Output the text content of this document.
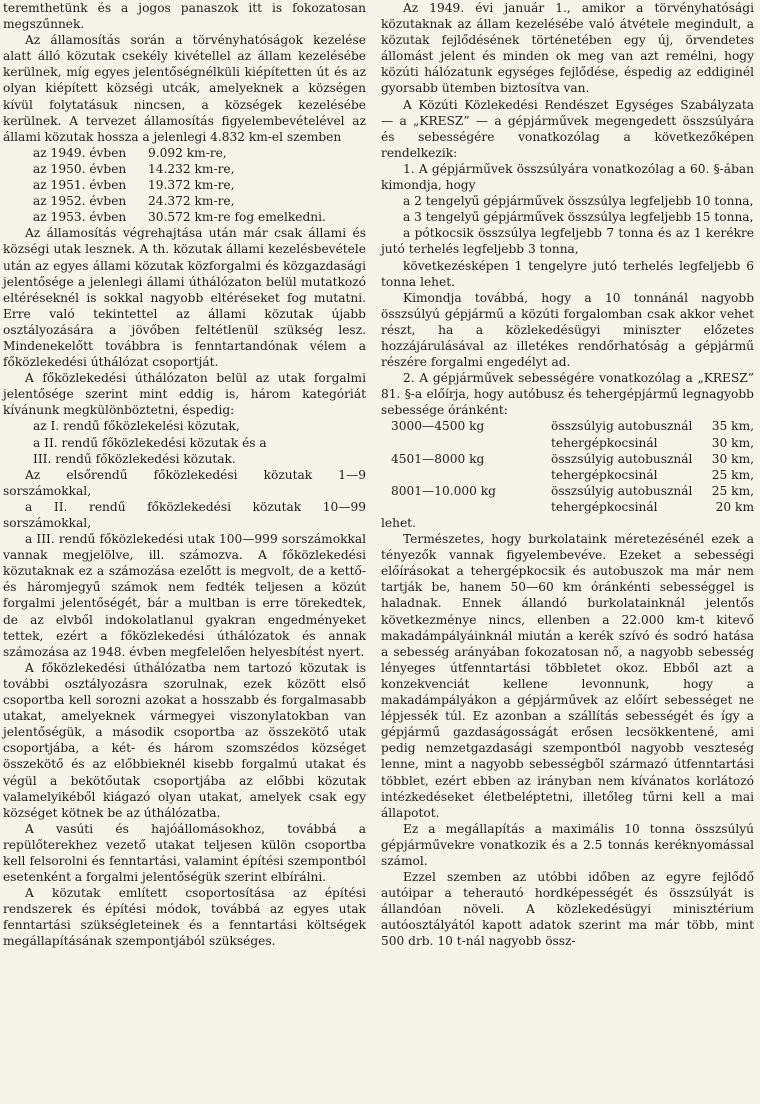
teremthetünk és a jogos panaszok itt is fokozatosan megszűnnek.

Az államosítás során a törvényhatóságok kezelése alatt álló közutak csekély kivétellel az állam kezelésébe kerülnek, míg egyes jelentőségnélküli kiépítetten út és az olyan kiépített községi utcák, amelyeknek a községen kívül folytatásuk nincsen, a községek kezelésébe kerülnek. A tervezet államosítás figyelembevételével az állami közutak hossza a jelenlegi 4.832 km-el szemben

az 1949. évben	9.092 km-re,
az 1950. évben	14.232 km-re,
az 1951. évben	19.372 km-re,
az 1952. évben	24.372 km-re,
az 1953. évben	30.572 km-re fog emelkedni.

Az államosítás végrehajtása után már csak állami és községi utak lesznek. A th. közutak állami kezelésbevétele után az egyes állami közutak közforgalmi és közgazdasági jelentősége a jelenlegi állami úthálózaton belül mutatkozó eltéréseknél is sokkal nagyobb eltéréseket fog mutatni. Erre való tekintettel az állami közutak újabb osztályozására a jövőben feltétlenül szükség lesz. Mindenekelőtt továbbra is fenntartandónak vélem a főközlekedési úthálózat csoportját.

A főközlekedési úthálózaton belül az utak forgalmi jelentősége szerint mint eddig is, három kategóriát kívánunk megkülönböztetni, éspedig:

az I. rendű főközlekelési közutak,

a II. rendű főközlekedési közutak és a

III. rendű főközlekedési közutak.

Az elsőrendű főközlekedési közutak 1—9 sorszámokkal,

a II. rendű főközlekedési közutak 10—99 sorszámokkal,

a III. rendű főközlekedési utak 100—999 sorszámokkal vannak megjelölve, ill. számozva. A főközlekedési közutaknak ez a számozása ezelőtt is megvolt, de a kettő- és háromjegyű számok nem fedték teljesen a közút forgalmi jelentőségét, bár a multban is erre törekedtek, de az elvből indokolatlanul gyakran engedményeket tettek, ezért a főközlekedési úthálózatok és annak számozása az 1948. évben megfelelően helyesbítést nyert.

A főközlekedési úthálózatba nem tartozó közutak is további osztályozásra szorulnak, ezek között első csoportba kell sorozni azokat a hosszabb és forgalmasabb utakat, amelyeknek vármegyei viszonylatokban van jelentőségük, a második csoportba az összekötő utak csoportjába, a két- és három szomszédos községet összekötő és az előbbieknél kisebb forgalmú utakat és végül a bekötőutak csoportjába az előbbi közutak valamelyikéből kiágazó olyan utakat, amelyek csak egy községet kötnek be az úthálózatba.

A vasúti és hajóállomásokhoz, továbbá a repülőterekhez vezető utakat teljesen külön csoportba kell felsorolni és fenntartási, valamint építési szempontból esetenként a forgalmi jelentőségük szerint elbírálni.

A közutak említett csoportosítása az építési rendszerek és építési módok, továbbá az egyes utak fenntartási szükségleteinek és a fenntartási költségek megállapításának szempontjából szükséges.

Az 1949. évi január 1., amikor a törvényhatósági közutaknak az állam kezelésébe való átvétele megindult, a közutak fejlődésének történetében egy új, örvendetes állomást jelent és minden ok meg van azt remélni, hogy közúti hálózatunk egységes fejlődése, éspedig az eddiginél gyorsabb ütemben biztosítva van.

A Közúti Közlekedési Rendészet Egységes Szabályzata — a „KRESZ” — a gépjárművek megengedett összsúlyára és sebességére vonatkozólag a következőképen rendelkezik:

1. A gépjárművek összsúlyára vonatkozólag a 60. §-ában kimondja, hogy

a 2 tengelyű gépjárművek összsúlya legfeljebb 10 tonna,

a 3 tengelyű gépjárművek összsúlya legfeljebb 15 tonna,

a pótkocsik összsúlya legfeljebb 7 tonna és az 1 kerékre jutó terhelés legfeljebb 3 tonna,

következésképen 1 tengelyre jutó terhelés legfeljebb 6 tonna lehet.

Kimondja továbbá, hogy a 10 tonnánál nagyobb összsúlyú gépjármű a közúti forgalomban csak akkor vehet részt, ha a közlekedésügyi miniszter előzetes hozzájárulásával az illetékes rendőrhatóság a gépjármű részére forgalmi engedélyt ad.

2. A gépjárművek sebességére vonatkozólag a „KRESZ” 81. §-a előírja, hogy autóbusz és tehergépjármű legnagyobb sebessége óránként:

3000—4500 kg	összsúlyig autobusznál	35 km,
tehergépkocsinál	30 km,
4501—8000 kg	összsúlyig autobusznál	30 km,
tehergépkocsinál	25 km,
8001—10.000 kg	összsúlyig autobusznál	25 km,
tehergépkocsinál	20 km

lehet.

Természetes, hogy burkolataink méretezésénél ezek a tényezők vannak figyelembevéve. Ezeket a sebességi előírásokat a tehergépkocsik és autobuszok ma már nem tartják be, hanem 50—60 km óránkénti sebességgel is haladnak. Ennek állandó burkolatainknál jelentős következménye nincs, ellenben a 22.000 km-t kitevő makadámpályáinknál miután a kerék szívó és sodró hatása a sebesség arányában fokozatosan nő, a nagyobb sebesség lényeges útfenntartási többletet okoz. Ebből azt a konzekvenciát kellene levonnunk, hogy a makadámpályákon a gépjárművek az előírt sebességet ne lépjessék túl. Ez azonban a szállítás sebességét és így a gépjármű gazdaságosságát erősen lecsökkentené, ami pedig nemzetgazdasági szempontból nagyobb veszteség lenne, mint a nagyobb sebességből származó útfenntartási többlet, ezért ebben az irányban nem kívánatos korlátozó intézkedéseket életbeléptetni, illetőleg tűrni kell a mai állapotot.

Ez a megállapítás a maximális 10 tonna összsúlyú gépjárművekre vonatkozik és a 2.5 tonnás keréknyomással számol.

Ezzel szemben az utóbbi időben az egyre fejlődő autóipar a teherautó hordképességét és összsúlyát is állandóan növeli. A közlekedésügyi minisztérium autóosztályától kapott adatok szerint ma már több, mint 500 drb. 10 t-nál nagyobb össz-
